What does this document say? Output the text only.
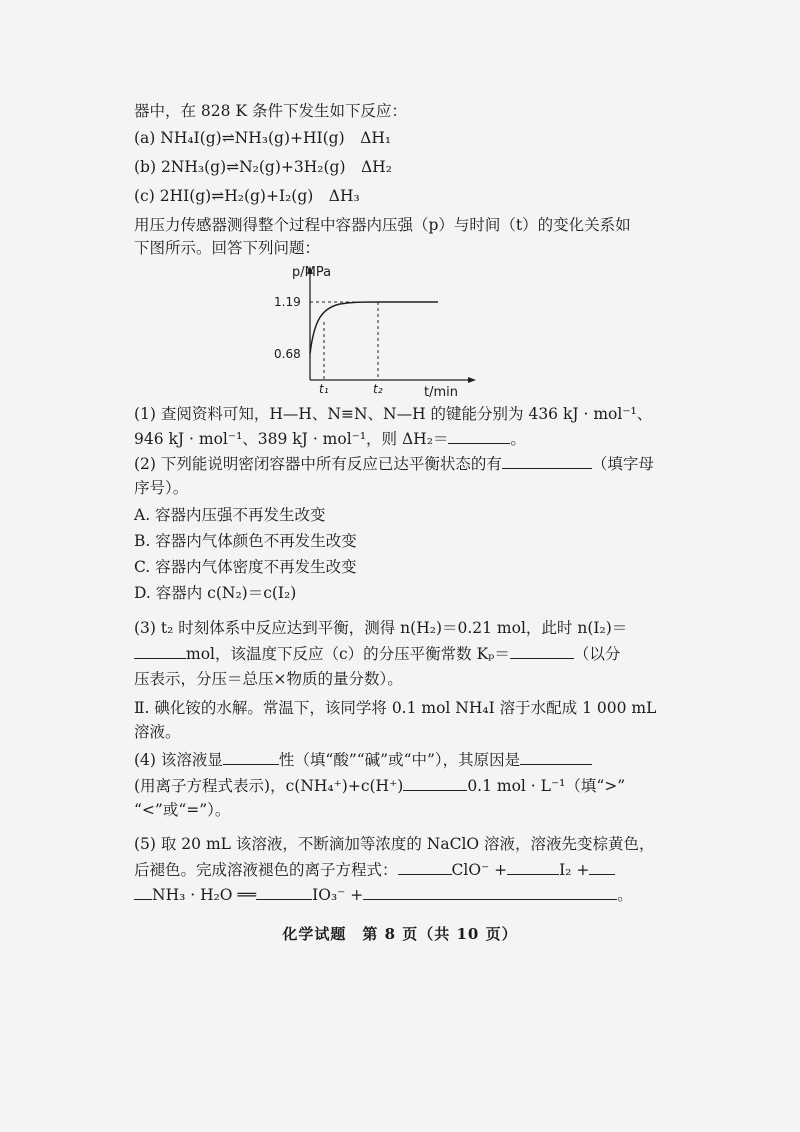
器中，在 828 K 条件下发生如下反应：
(a) NH₄I(g)⇌NH₃(g)+HI(g)　ΔH₁
(b) 2NH₃(g)⇌N₂(g)+3H₂(g)　ΔH₂
(c) 2HI(g)⇌H₂(g)+I₂(g)　ΔH₃
用压力传感器测得整个过程中容器内压强（p）与时间（t）的变化关系如
下图所示。回答下列问题：
p/MPa
t/min
1.19
0.68
t₁	t₂
(1) 查阅资料可知，H—H、N≡N、N—H 的键能分别为 436 kJ · mol⁻¹、
946 kJ · mol⁻¹、389 kJ · mol⁻¹，则 ΔH₂＝	。
(2) 下列能说明密闭容器中所有反应已达平衡状态的有	（填字母
序号）。
A. 容器内压强不再发生改变
B. 容器内气体颜色不再发生改变
C. 容器内气体密度不再发生改变
D. 容器内 c(N₂)＝c(I₂)
(3) t₂ 时刻体系中反应达到平衡，测得 n(H₂)＝0.21 mol，此时 n(I₂)＝
mol，该温度下反应（c）的分压平衡常数 Kₚ＝	（以分
压表示，分压＝总压×物质的量分数）。
Ⅱ. 碘化铵的水解。常温下，该同学将 0.1 mol NH₄I 溶于水配成 1 000 mL
溶液。
(4) 该溶液显	性（填“酸”“碱”或“中”），其原因是
(用离子方程式表示)，c(NH₄⁺)+c(H⁺)	0.1 mol · L⁻¹（填“>”
“<”或“=”）。
(5) 取 20 mL 该溶液，不断滴加等浓度的 NaClO 溶液，溶液先变棕黄色，
后褪色。完成溶液褪色的离子方程式：	ClO⁻ +	I₂ +
NH₃ · H₂O ══	IO₃⁻ +	。
化学试题　第 8 页（共 10 页）
